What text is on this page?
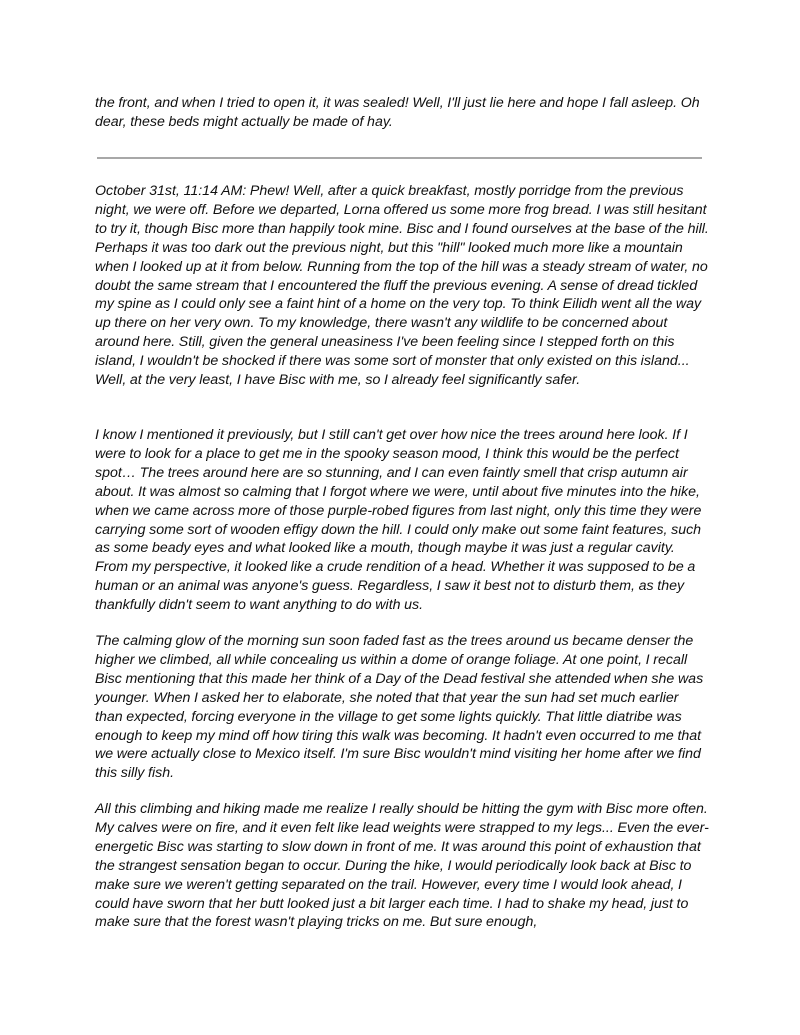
the front, and when I tried to open it, it was sealed! Well, I'll just lie here and hope I fall asleep. Oh dear, these beds might actually be made of hay.

October 31st, 11:14 AM: Phew! Well, after a quick breakfast, mostly porridge from the previous night, we were off. Before we departed, Lorna offered us some more frog bread. I was still hesitant to try it, though Bisc more than happily took mine. Bisc and I found ourselves at the base of the hill. Perhaps it was too dark out the previous night, but this "hill" looked much more like a mountain when I looked up at it from below. Running from the top of the hill was a steady stream of water, no doubt the same stream that I encountered the fluff the previous evening. A sense of dread tickled my spine as I could only see a faint hint of a home on the very top. To think Eilidh went all the way up there on her very own. To my knowledge, there wasn't any wildlife to be concerned about around here. Still, given the general uneasiness I've been feeling since I stepped forth on this island, I wouldn't be shocked if there was some sort of monster that only existed on this island... Well, at the very least, I have Bisc with me, so I already feel significantly safer.

I know I mentioned it previously, but I still can't get over how nice the trees around here look. If I were to look for a place to get me in the spooky season mood, I think this would be the perfect spot… The trees around here are so stunning, and I can even faintly smell that crisp autumn air about. It was almost so calming that I forgot where we were, until about five minutes into the hike, when we came across more of those purple-robed figures from last night, only this time they were carrying some sort of wooden effigy down the hill. I could only make out some faint features, such as some beady eyes and what looked like a mouth, though maybe it was just a regular cavity. From my perspective, it looked like a crude rendition of a head. Whether it was supposed to be a human or an animal was anyone's guess. Regardless, I saw it best not to disturb them, as they thankfully didn't seem to want anything to do with us.

The calming glow of the morning sun soon faded fast as the trees around us became denser the higher we climbed, all while concealing us within a dome of orange foliage. At one point, I recall Bisc mentioning that this made her think of a Day of the Dead festival she attended when she was younger. When I asked her to elaborate, she noted that that year the sun had set much earlier than expected, forcing everyone in the village to get some lights quickly. That little diatribe was enough to keep my mind off how tiring this walk was becoming. It hadn't even occurred to me that we were actually close to Mexico itself. I'm sure Bisc wouldn't mind visiting her home after we find this silly fish.

All this climbing and hiking made me realize I really should be hitting the gym with Bisc more often. My calves were on fire, and it even felt like lead weights were strapped to my legs... Even the ever-energetic Bisc was starting to slow down in front of me. It was around this point of exhaustion that the strangest sensation began to occur. During the hike, I would periodically look back at Bisc to make sure we weren't getting separated on the trail. However, every time I would look ahead, I could have sworn that her butt looked just a bit larger each time. I had to shake my head, just to make sure that the forest wasn't playing tricks on me. But sure enough,
